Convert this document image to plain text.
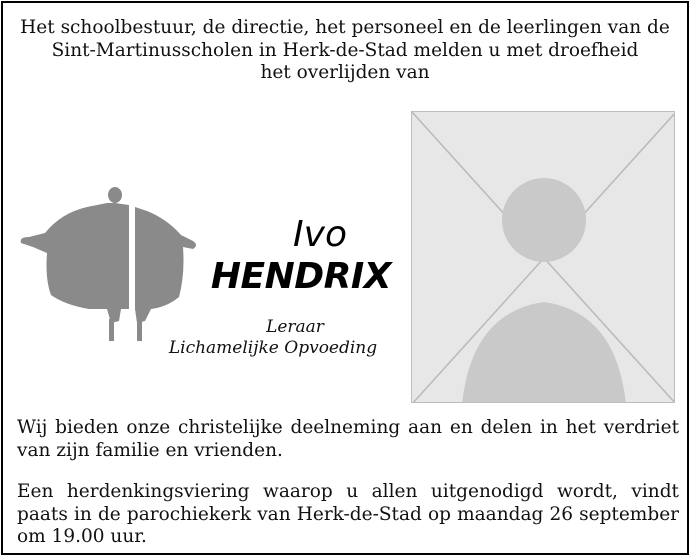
Het schoolbestuur, de directie, het personeel en de leerlingen van de
Sint-Martinusscholen in Herk-de-Stad melden u met droefheid
het overlijden van
Ivo
HENDRIX
Leraar
Lichamelijke Opvoeding
Wij bieden onze christelijke deelneming aan en delen in het verdriet van zijn familie en vrienden.
Een herdenkingsviering waarop u allen uitgenodigd wordt, vindt paats in de parochiekerk van Herk-de-Stad op maandag 26 september om 19.00 uur.
